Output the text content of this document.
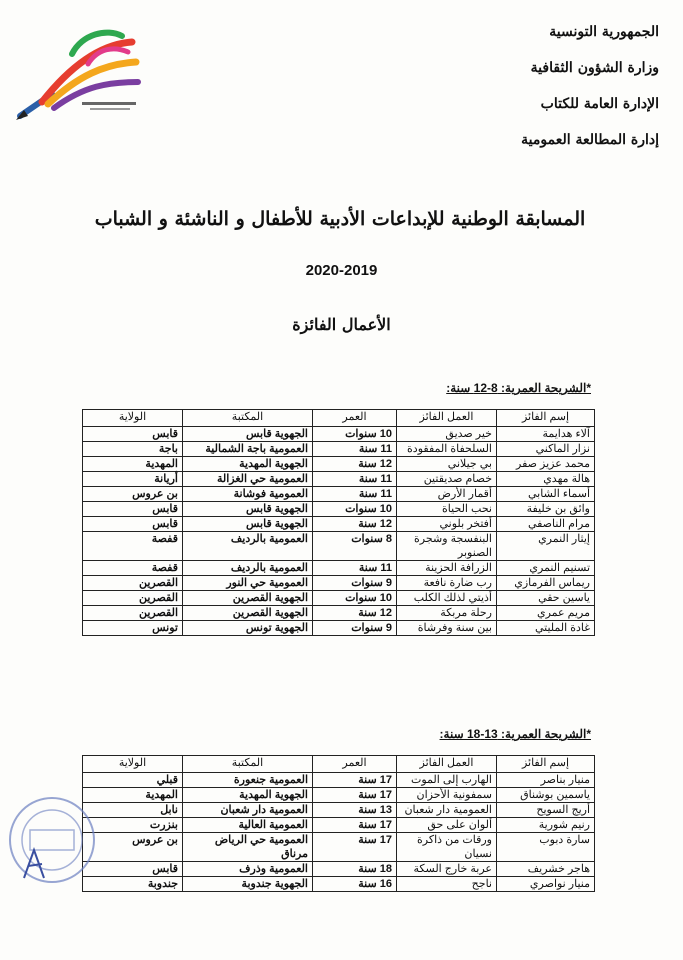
الجمهورية التونسية
وزارة الشؤون الثقافية
الإدارة العامة للكتاب
إدارة المطالعة العمومية
المسابقة الوطنية للإبداعات الأدبية للأطفال و الناشئة و الشباب
2020-2019
الأعمال الفائزة
*الشريحة العمرية: 8-12 سنة:
إسم الفائز	العمل الفائز	العمر	المكتبة	الولاية
آلاء هدايمة	خير صديق	10 سنوات	الجهوية قابس	قابس
نزار الماكني	السلحفاة المفقودة	11 سنة	العمومية باجة الشمالية	باجة
محمد عزيز صفر	بي جيلاني	12 سنة	الجهوية المهدية	المهدية
هالة مهدي	خصام صديقتين	11 سنة	العمومية حي الغزالة	أريانة
أسماء الشابي	أقمار الأرض	11 سنة	العمومية فوشانة	بن عروس
وائق بن خليفة	نحب الحياة	10 سنوات	الجهوية قابس	قابس
مرام الناصفي	أفتخر بلوني	12 سنة	الجهوية قابس	قابس
إيثار النمري	البنفسجة وشجرة الصنوبر	8 سنوات	العمومية بالرديف	قفصة
تسنيم النمري	الزرافة الحزينة	11 سنة	العمومية بالرديف	قفصة
ريماس الفرمازي	رب ضارة نافعة	9 سنوات	العمومية حي النور	القصرين
ياسين حقي	أذيتي لذلك الكلب	10 سنوات	الجهوية القصرين	القصرين
مريم عمري	رحلة مربكة	12 سنة	الجهوية القصرين	القصرين
غادة المليتي	بين سنة وفرشاة	9 سنوات	الجهوية تونس	تونس
*الشريحة العمرية: 13-18 سنة:
إسم الفائز	العمل الفائز	العمر	المكتبة	الولاية
منيار بناصر	الهارب إلى الموت	17 سنة	العمومية جنعورة	قبلي
ياسمين بوشناق	سمفونية الأحزان	17 سنة	الجهوية المهدية	المهدية
أريج السويح	العمومية دار شعبان	13 سنة	العمومية دار شعبان	نابل
رنيم شورية	ألوان على حق	17 سنة	العمومية العالية	بنزرت
سارة دبوب	ورقات من ذاكرة نسيان	17 سنة	العمومية حي الرياض مرناق	بن عروس
هاجر خشريف	عربة خارج السكة	18 سنة	العمومية وذرف	قابس
منيار نواصري	ناجح	16 سنة	الجهوية جندوبة	جندوبة
